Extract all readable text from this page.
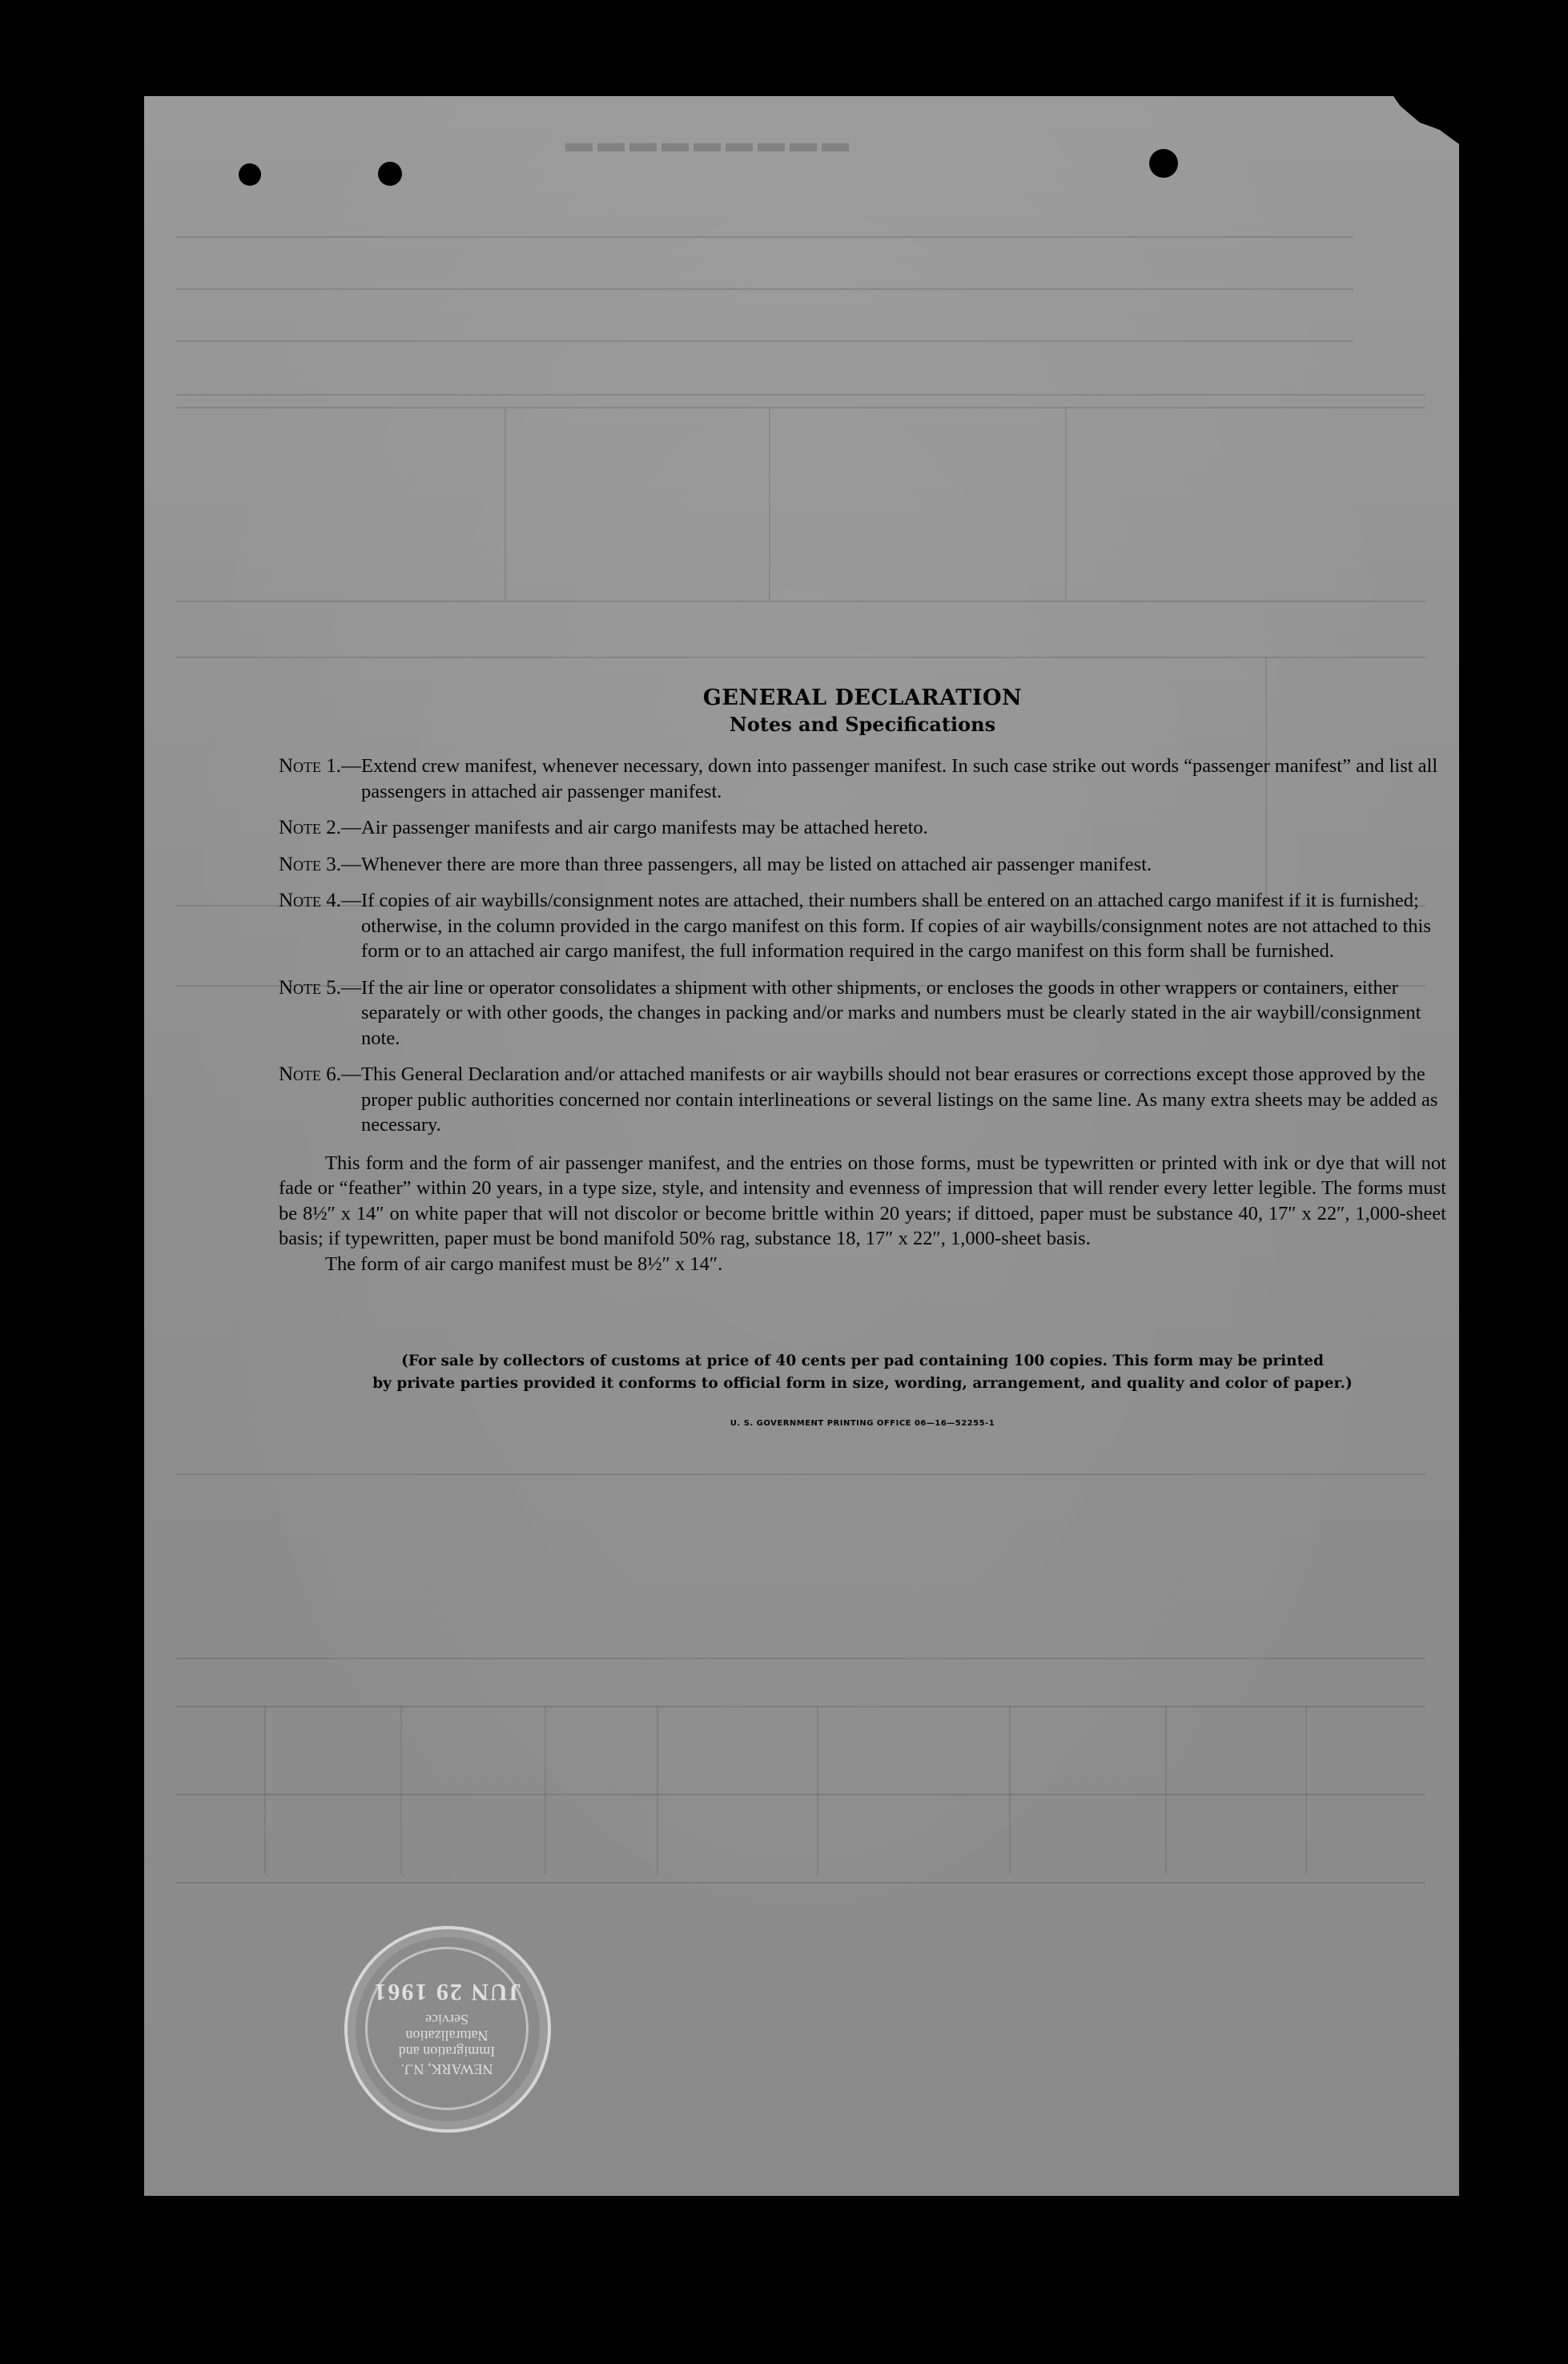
▬▬▬▬▬▬▬▬▬
GENERAL DECLARATION
Notes and Specifications
Note 1.— Extend crew manifest, whenever necessary, down into passenger manifest. In such case strike out words “passenger manifest” and list all passengers in attached air passenger manifest.
Note 2.— Air passenger manifests and air cargo manifests may be attached hereto.
Note 3.— Whenever there are more than three passengers, all may be listed on attached air passenger manifest.
Note 4.— If copies of air waybills/consignment notes are attached, their numbers shall be entered on an attached cargo manifest if it is furnished; otherwise, in the column provided in the cargo manifest on this form. If copies of air waybills/consignment notes are not attached to this form or to an attached air cargo manifest, the full information required in the cargo manifest on this form shall be furnished.
Note 5.— If the air line or operator consolidates a shipment with other shipments, or encloses the goods in other wrappers or containers, either separately or with other goods, the changes in packing and/or marks and numbers must be clearly stated in the air waybill/consignment note.
Note 6.— This General Declaration and/or attached manifests or air waybills should not bear erasures or corrections except those approved by the proper public authorities concerned nor contain interlineations or several listings on the same line. As many extra sheets may be added as necessary.

This form and the form of air passenger manifest, and the entries on those forms, must be typewritten or printed with ink or dye that will not fade or “feather” within 20 years, in a type size, style, and intensity and evenness of impression that will render every letter legible. The forms must be 8½″ x 14″ on white paper that will not discolor or become brittle within 20 years; if dittoed, paper must be substance 40, 17″ x 22″, 1,000-sheet basis; if typewritten, paper must be bond manifold 50% rag, substance 18, 17″ x 22″, 1,000-sheet basis.

The form of air cargo manifest must be 8½″ x 14″.

(For sale by collectors of customs at price of 40 cents per pad containing 100 copies. This form may be printed
by private parties provided it conforms to official form in size, wording, arrangement, and quality and color of paper.)
U. S. GOVERNMENT PRINTING OFFICE 06—16—52255-1
NEWARK, N.J.
Immigration and
Naturalization
Service
JUN 29 1961
